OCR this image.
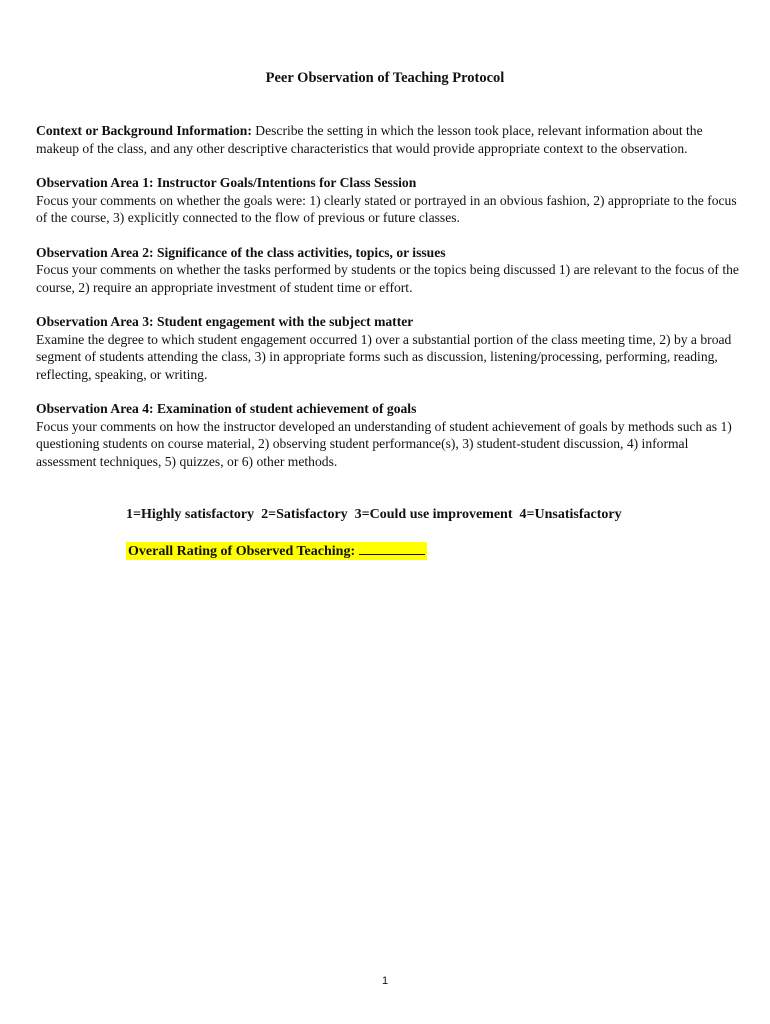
Peer Observation of Teaching Protocol

Context or Background Information: Describe the setting in which the lesson took place, relevant information about the makeup of the class, and any other descriptive characteristics that would provide appropriate context to the observation.

Observation Area 1: Instructor Goals/Intentions for Class Session
Focus your comments on whether the goals were: 1) clearly stated or portrayed in an obvious fashion, 2) appropriate to the focus of the course, 3) explicitly connected to the flow of previous or future classes.
Observation Area 2: Significance of the class activities, topics, or issues
Focus your comments on whether the tasks performed by students or the topics being discussed 1) are relevant to the focus of the course, 2) require an appropriate investment of student time or effort.
Observation Area 3: Student engagement with the subject matter
Examine the degree to which student engagement occurred 1) over a substantial portion of the class meeting time, 2) by a broad segment of students attending the class, 3) in appropriate forms such as discussion, listening/processing, performing, reading, reflecting, speaking, or writing.
Observation Area 4: Examination of student achievement of goals
Focus your comments on how the instructor developed an understanding of student achievement of goals by methods such as 1) questioning students on course material, 2) observing student performance(s), 3) student-student discussion, 4) informal assessment techniques, 5) quizzes, or 6) other methods.
1=Highly satisfactory 2=Satisfactory 3=Could use improvement 4=Unsatisfactory
Overall Rating of Observed Teaching:
1
